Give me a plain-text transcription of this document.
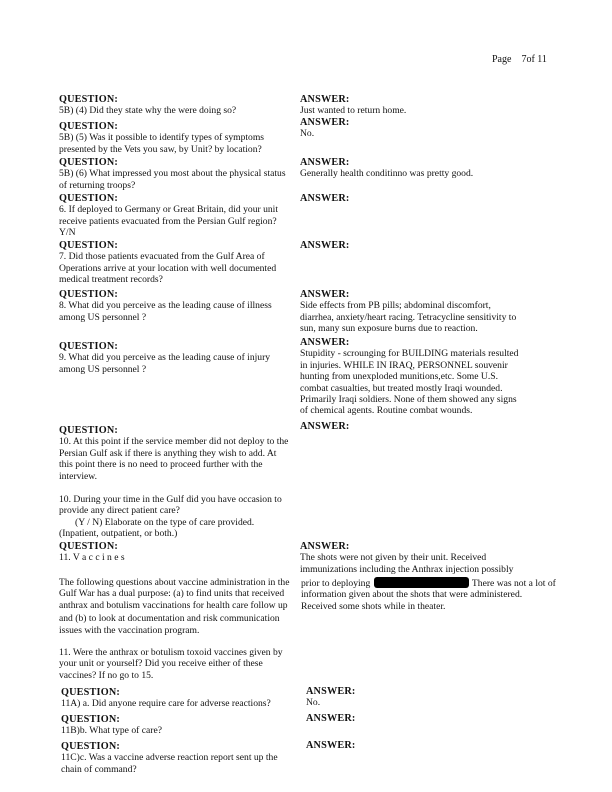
Page 7of 11
QUESTION:
5B) (4) Did they state why the were doing so?
ANSWER:
Just wanted to return home.
QUESTION:
5B) (5) Was it possible to identify types of symptoms
presented by the Vets you saw, by Unit? by location?
ANSWER:
No.
QUESTION:
5B) (6) What impressed you most about the physical status
of returning troops?
ANSWER:
Generally health conditinno was pretty good.
QUESTION:
6. If deployed to Germany or Great Britain, did your unit
receive patients evacuated from the Persian Gulf region?
Y/N
ANSWER:
QUESTION:
7. Did those patients evacuated from the Gulf Area of
Operations arrive at your location with well documented
medical treatment records?
ANSWER:
QUESTION:
8. What did you perceive as the leading cause of illness
among US personnel ?
ANSWER:
Side effects from PB pills; abdominal discomfort,
diarrhea, anxiety/heart racing. Tetracycline sensitivity to
sun, many sun exposure burns due to reaction.
QUESTION:
9. What did you perceive as the leading cause of injury
among US personnel ?
ANSWER:
Stupidity - scrounging for BUILDING materials resulted
in injuries. WHILE IN IRAQ, PERSONNEL souvenir
hunting from unexploded munitions,etc. Some U.S.
combat casualties, but treated mostly Iraqi wounded.
Primarily Iraqi soldiers. None of them showed any signs
of chemical agents. Routine combat wounds.
QUESTION:
10. At this point if the service member did not deploy to the
Persian Gulf ask if there is anything they wish to add. At
this point there is no need to proceed further with the
interview.
ANSWER:
10. During your time in the Gulf did you have occasion to
provide any direct patient care?
(Y / N) Elaborate on the type of care provided.
(Inpatient, outpatient, or both.)
QUESTION:
11. V a c c i n e s
ANSWER:
The shots were not given by their unit. Received
immunizations including the Anthrax injection possibly
The following questions about vaccine administration in the
Gulf War has a dual purpose: (a) to find units that received
anthrax and botulism vaccinations for health care follow up
and (b) to look at documentation and risk communication
issues with the vaccination program.
prior to deploying	There was not a lot of
information given about the shots that were administered.
Received some shots while in theater.
11. Were the anthrax or botulism toxoid vaccines given by
your unit or yourself? Did you receive either of these
vaccines? If no go to 15.
QUESTION:
11A) a. Did anyone require care for adverse reactions?
ANSWER:
No.
QUESTION:
11B)b. What type of care?
ANSWER:
QUESTION:
11C)c. Was a vaccine adverse reaction report sent up the
chain of command?
ANSWER:
